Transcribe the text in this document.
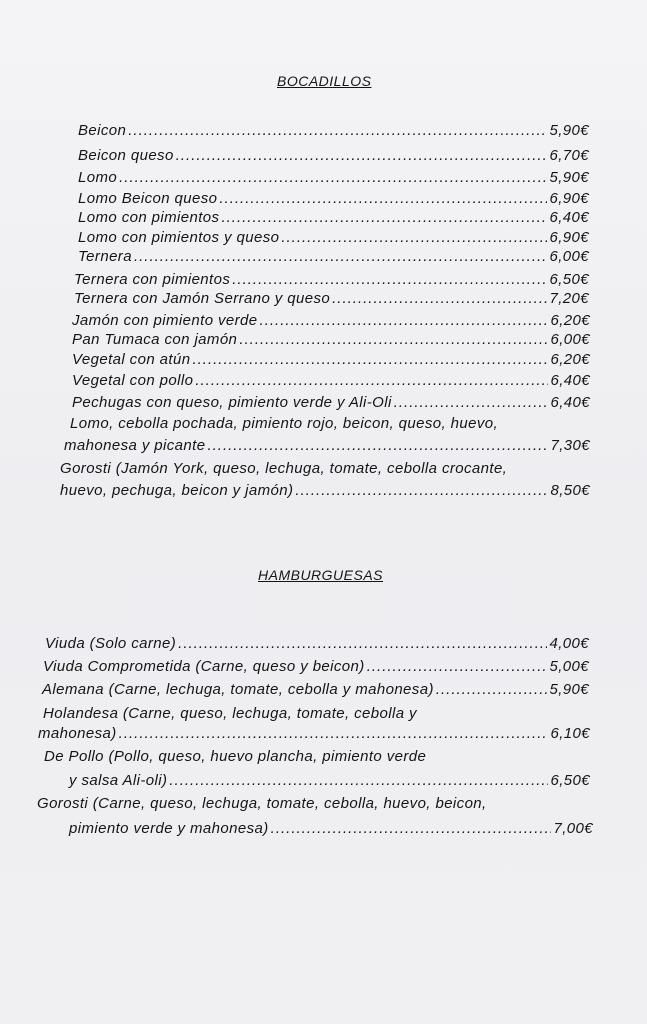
BOCADILLOS
Beicon .....	5,90€
Beicon queso .....	6,70€
Lomo .....	5,90€
Lomo Beicon queso .....	6,90€
Lomo con pimientos .....	6,40€
Lomo con pimientos y queso .....	6,90€
Ternera .....	6,00€
Ternera con pimientos .....	6,50€
Ternera con Jamón Serrano y queso .....	7,20€
Jamón con pimiento verde .....	6,20€
Pan Tumaca con jamón .....	6,00€
Vegetal con atún .....	6,20€
Vegetal con pollo .....	6,40€
Pechugas con queso, pimiento verde y Ali-Oli .....	6,40€
Lomo, cebolla pochada, pimiento rojo, beicon, queso, huevo,
mahonesa y picante .....	7,30€
Gorosti (Jamón York, queso, lechuga, tomate, cebolla crocante,
huevo, pechuga, beicon y jamón) .....	8,50€
HAMBURGUESAS
Viuda (Solo carne) .....	4,00€
Viuda Comprometida (Carne, queso y beicon) .....	5,00€
Alemana (Carne, lechuga, tomate, cebolla y mahonesa) .....	5,90€
Holandesa (Carne, queso, lechuga, tomate, cebolla y
mahonesa) .....	6,10€
De Pollo (Pollo, queso, huevo plancha, pimiento verde
y salsa Ali-oli) .....	6,50€
Gorosti (Carne, queso, lechuga, tomate, cebolla, huevo, beicon,
pimiento verde y mahonesa) .....	7,00€
